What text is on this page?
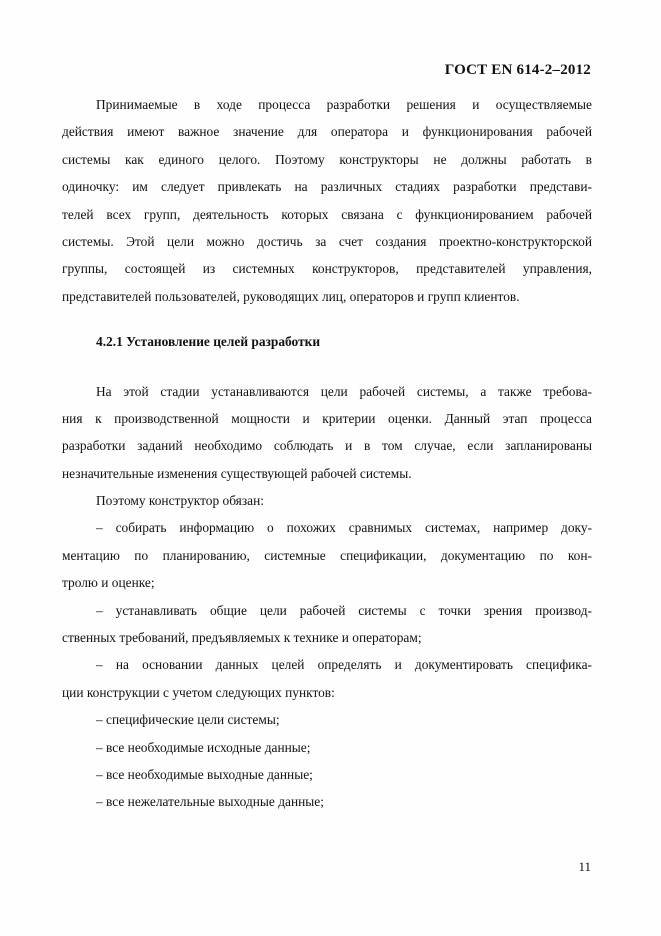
ГОСТ EN 614-2–2012
Принимаемые в ходе процесса разработки решения и осуществляемые
действия имеют важное значение для оператора и функционирования рабочей
системы как единого целого. Поэтому конструкторы не должны работать в
одиночку: им следует привлекать на различных стадиях разработки представи-
телей всех групп, деятельность которых связана с функционированием рабочей
системы. Этой цели можно достичь за счет создания проектно-конструкторской
группы, состоящей из системных конструкторов, представителей управления,
представителей пользователей, руководящих лиц, операторов и групп клиентов.
4.2.1 Установление целей разработки
На этой стадии устанавливаются цели рабочей системы, а также требова-
ния к производственной мощности и критерии оценки. Данный этап процесса
разработки заданий необходимо соблюдать и в том случае, если запланированы
незначительные изменения существующей рабочей системы.
Поэтому конструктор обязан:
– собирать информацию о похожих сравнимых системах, например доку-
ментацию по планированию, системные спецификации, документацию по кон-
тролю и оценке;
– устанавливать общие цели рабочей системы с точки зрения производ-
ственных требований, предъявляемых к технике и операторам;
– на основании данных целей определять и документировать специфика-
ции конструкции с учетом следующих пунктов:
– специфические цели системы;
– все необходимые исходные данные;
– все необходимые выходные данные;
– все нежелательные выходные данные;
11
